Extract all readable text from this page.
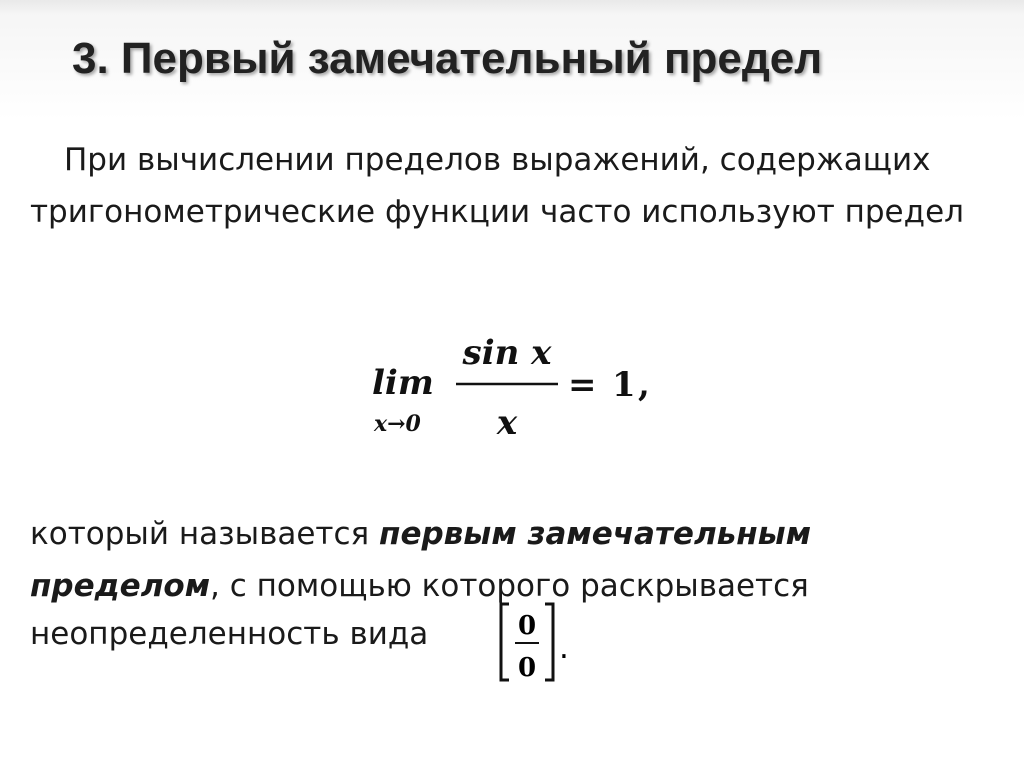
3. Первый замечательный предел

При вычислении пределов выражений, содержащих тригонометрические функции часто используют предел

lim
x→0
sin x
x
= 1 ,

который называется первым замечательным пределом, с помощью которого раскрывается

неопределенность вида	0
0
.
